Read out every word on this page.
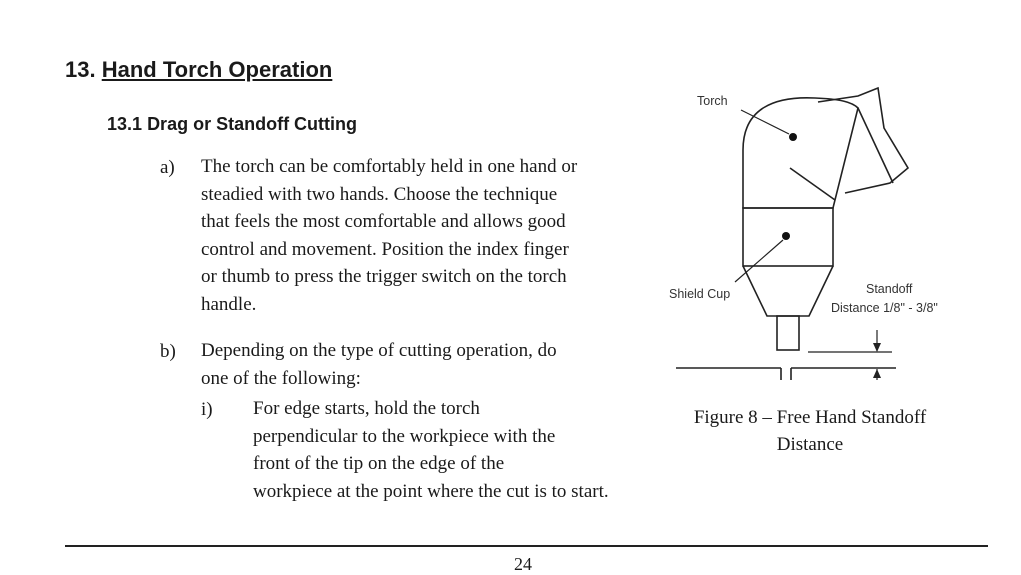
13. Hand Torch Operation
13.1 Drag or Standoff Cutting
a) The torch can be comfortably held in one hand or
steadied with two hands. Choose the technique
that feels the most comfortable and allows good
control and movement. Position the index finger
or thumb to press the trigger switch on the torch
handle.
b) Depending on the type of cutting operation, do
one of the following:
i) For edge starts, hold the torch
perpendicular to the workpiece with the
front of the tip on the edge of the
workpiece at the point where the cut is to start.
Torch
Shield Cup	Standoff
Distance 1/8" - 3/8"
Figure 8 – Free Hand Standoff
Distance
24
